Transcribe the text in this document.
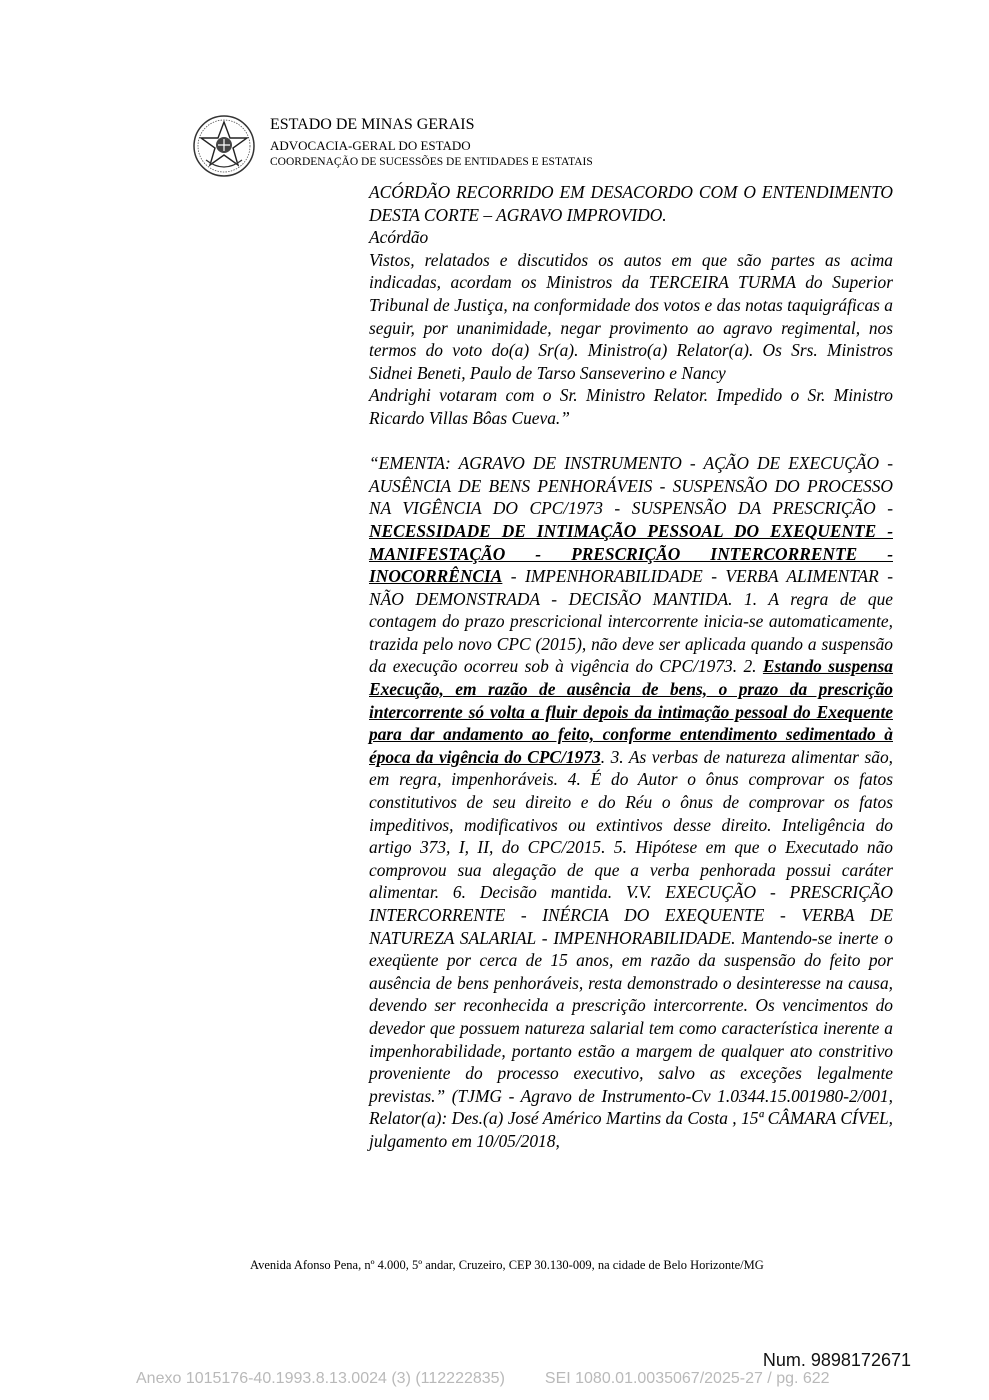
ESTADO DE MINAS GERAIS
ADVOCACIA-GERAL DO ESTADO
COORDENAÇÃO DE SUCESSÕES DE ENTIDADES E ESTATAIS

ACÓRDÃO RECORRIDO EM DESACORDO COM O ENTENDIMENTO DESTA CORTE – AGRAVO IMPROVIDO.

Acórdão

Vistos, relatados e discutidos os autos em que são partes as acima indicadas, acordam os Ministros da TERCEIRA TURMA do Superior Tribunal de Justiça, na conformidade dos votos e das notas taquigráficas a seguir, por unanimidade, negar provimento ao agravo regimental, nos termos do voto do(a) Sr(a). Ministro(a) Relator(a). Os Srs. Ministros Sidnei Beneti, Paulo de Tarso Sanseverino e Nancy

Andrighi votaram com o Sr. Ministro Relator. Impedido o Sr. Ministro Ricardo Villas Bôas Cueva.”

“EMENTA: AGRAVO DE INSTRUMENTO - AÇÃO DE EXECUÇÃO - AUSÊNCIA DE BENS PENHORÁVEIS - SUSPENSÃO DO PROCESSO NA VIGÊNCIA DO CPC/1973 - SUSPENSÃO DA PRESCRIÇÃO - NECESSIDADE DE INTIMAÇÃO PESSOAL DO EXEQUENTE - MANIFESTAÇÃO - PRESCRIÇÃO INTERCORRENTE - INOCORRÊNCIA - IMPENHORABILIDADE - VERBA ALIMENTAR - NÃO DEMONSTRADA - DECISÃO MANTIDA. 1. A regra de que contagem do prazo prescricional intercorrente inicia-se automaticamente, trazida pelo novo CPC (2015), não deve ser aplicada quando a suspensão da execução ocorreu sob à vigência do CPC/1973. 2. Estando suspensa Execução, em razão de ausência de bens, o prazo da prescrição intercorrente só volta a fluir depois da intimação pessoal do Exequente para dar andamento ao feito, conforme entendimento sedimentado à época da vigência do CPC/1973. 3. As verbas de natureza alimentar são, em regra, impenhoráveis. 4. É do Autor o ônus comprovar os fatos constitutivos de seu direito e do Réu o ônus de comprovar os fatos impeditivos, modificativos ou extintivos desse direito. Inteligência do artigo 373, I, II, do CPC/2015. 5. Hipótese em que o Executado não comprovou sua alegação de que a verba penhorada possui caráter alimentar. 6. Decisão mantida. V.V. EXECUÇÃO - PRESCRIÇÃO INTERCORRENTE - INÉRCIA DO EXEQUENTE - VERBA DE NATUREZA SALARIAL - IMPENHORABILIDADE. Mantendo-se inerte o exeqüente por cerca de 15 anos, em razão da suspensão do feito por ausência de bens penhoráveis, resta demonstrado o desinteresse na causa, devendo ser reconhecida a prescrição intercorrente. Os vencimentos do devedor que possuem natureza salarial tem como característica inerente a impenhorabilidade, portanto estão a margem de qualquer ato constritivo proveniente do processo executivo, salvo as exceções legalmente previstas.” (TJMG - Agravo de Instrumento-Cv 1.0344.15.001980-2/001, Relator(a): Des.(a) José Américo Martins da Costa , 15ª CÂMARA CÍVEL, julgamento em 10/05/2018,

Avenida Afonso Pena, nº 4.000, 5º andar, Cruzeiro, CEP 30.130-009, na cidade de Belo Horizonte/MG
Num. 9898172671
Anexo 1015176-40.1993.8.13.0024 (3) (112222835)	SEI 1080.01.0035067/2025-27 / pg. 622
